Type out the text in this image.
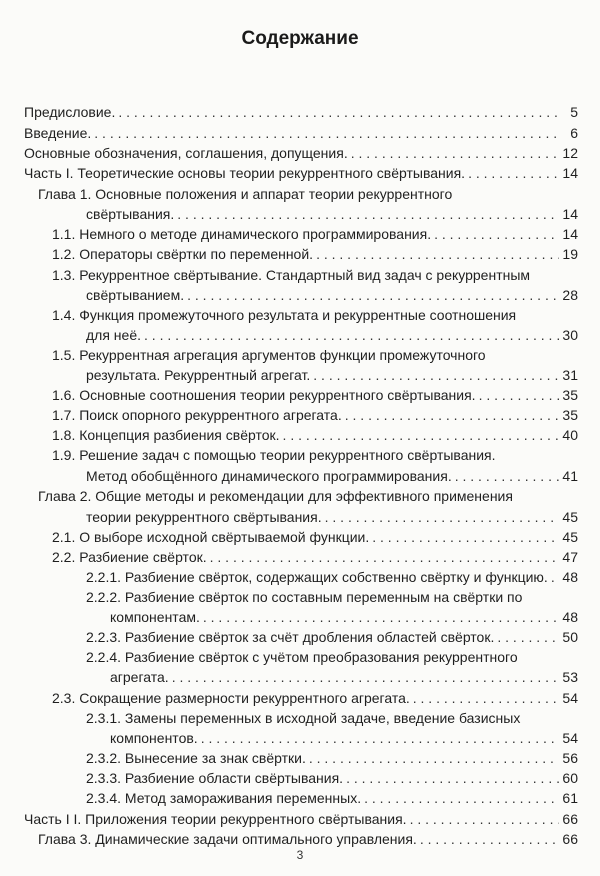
Содержание
Предисловие. . . .	5
Введение. . . .	6
Основные обозначения, соглашения, допущения. . . .	12
Часть I. Теоретические основы теории рекуррентного свёртывания. . . .	14
Глава 1. Основные положения и аппарат теории рекуррентного
свёртывания. . . .	14
1.1. Немного о методе динамического программирования. . . .	14
1.2. Операторы свёртки по переменной. . . .	19
1.3. Рекуррентное свёртывание. Стандартный вид задач с рекуррентным
свёртыванием. . . .	28
1.4. Функция промежуточного результата и рекуррентные соотношения
для неё. . . .	30
1.5. Рекуррентная агрегация аргументов функции промежуточного
результата. Рекуррентный агрегат. . . .	31
1.6. Основные соотношения теории рекуррентного свёртывания. . . .	35
1.7. Поиск опорного рекуррентного агрегата. . . .	35
1.8. Концепция разбиения свёрток. . . .	40
1.9. Решение задач с помощью теории рекуррентного свёртывания.
Метод обобщённого динамического программирования. . . .	41
Глава 2. Общие методы и рекомендации для эффективного применения
теории рекуррентного свёртывания. . . .	45
2.1. О выборе исходной свёртываемой функции. . . .	45
2.2. Разбиение свёрток. . . .	47
2.2.1. Разбиение свёрток, содержащих собственно свёртку и функцию. . . . 48
2.2.2. Разбиение свёрток по составным переменным на свёртки по
компонентам. . . .	48
2.2.3. Разбиение свёрток за счёт дробления областей свёрток. . . .	50
2.2.4. Разбиение свёрток с учётом преобразования рекуррентного
агрегата. . . .	53
2.3. Сокращение размерности рекуррентного агрегата. . . .	54
2.3.1. Замены переменных в исходной задаче, введение базисных
компонентов. . . .	54
2.3.2. Вынесение за знак свёртки. . . .	56
2.3.3. Разбиение области свёртывания. . . .	60
2.3.4. Метод замораживания переменных. . . .	61
Часть I I. Приложения теории рекуррентного свёртывания. . . .	66
Глава 3. Динамические задачи оптимального управления. . . .	66
3
